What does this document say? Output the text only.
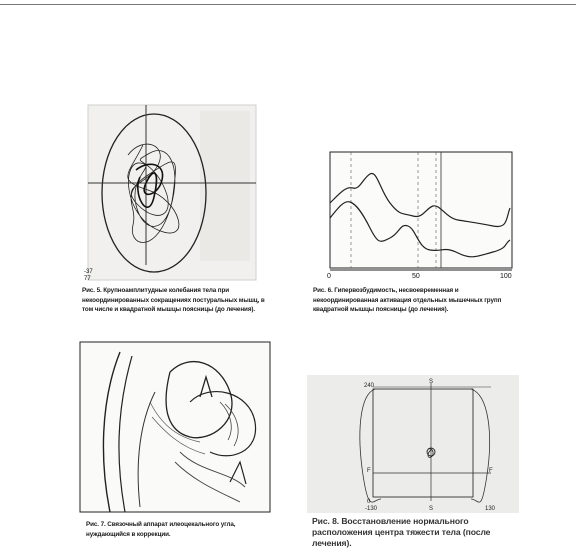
-37
77
Рис. 5. Крупноамплитудные колебания тела при некоординированных сокращениях постуральных мышц, в том числе и квадратной мышцы поясницы (до лечения).
0	50	100
Рис. 6. Гипервозбудимость, несвоевременная и некоординированная активация отдельных мышечных групп квадратной мышцы поясницы (до лечения).
Рис. 7. Связочный аппарат илеоцекального угла, нуждающийся в коррекции.
240
S
F	F
0
-130	S	130
Рис. 8. Восстановление нормального расположения центра тяжести тела (после лечения).
